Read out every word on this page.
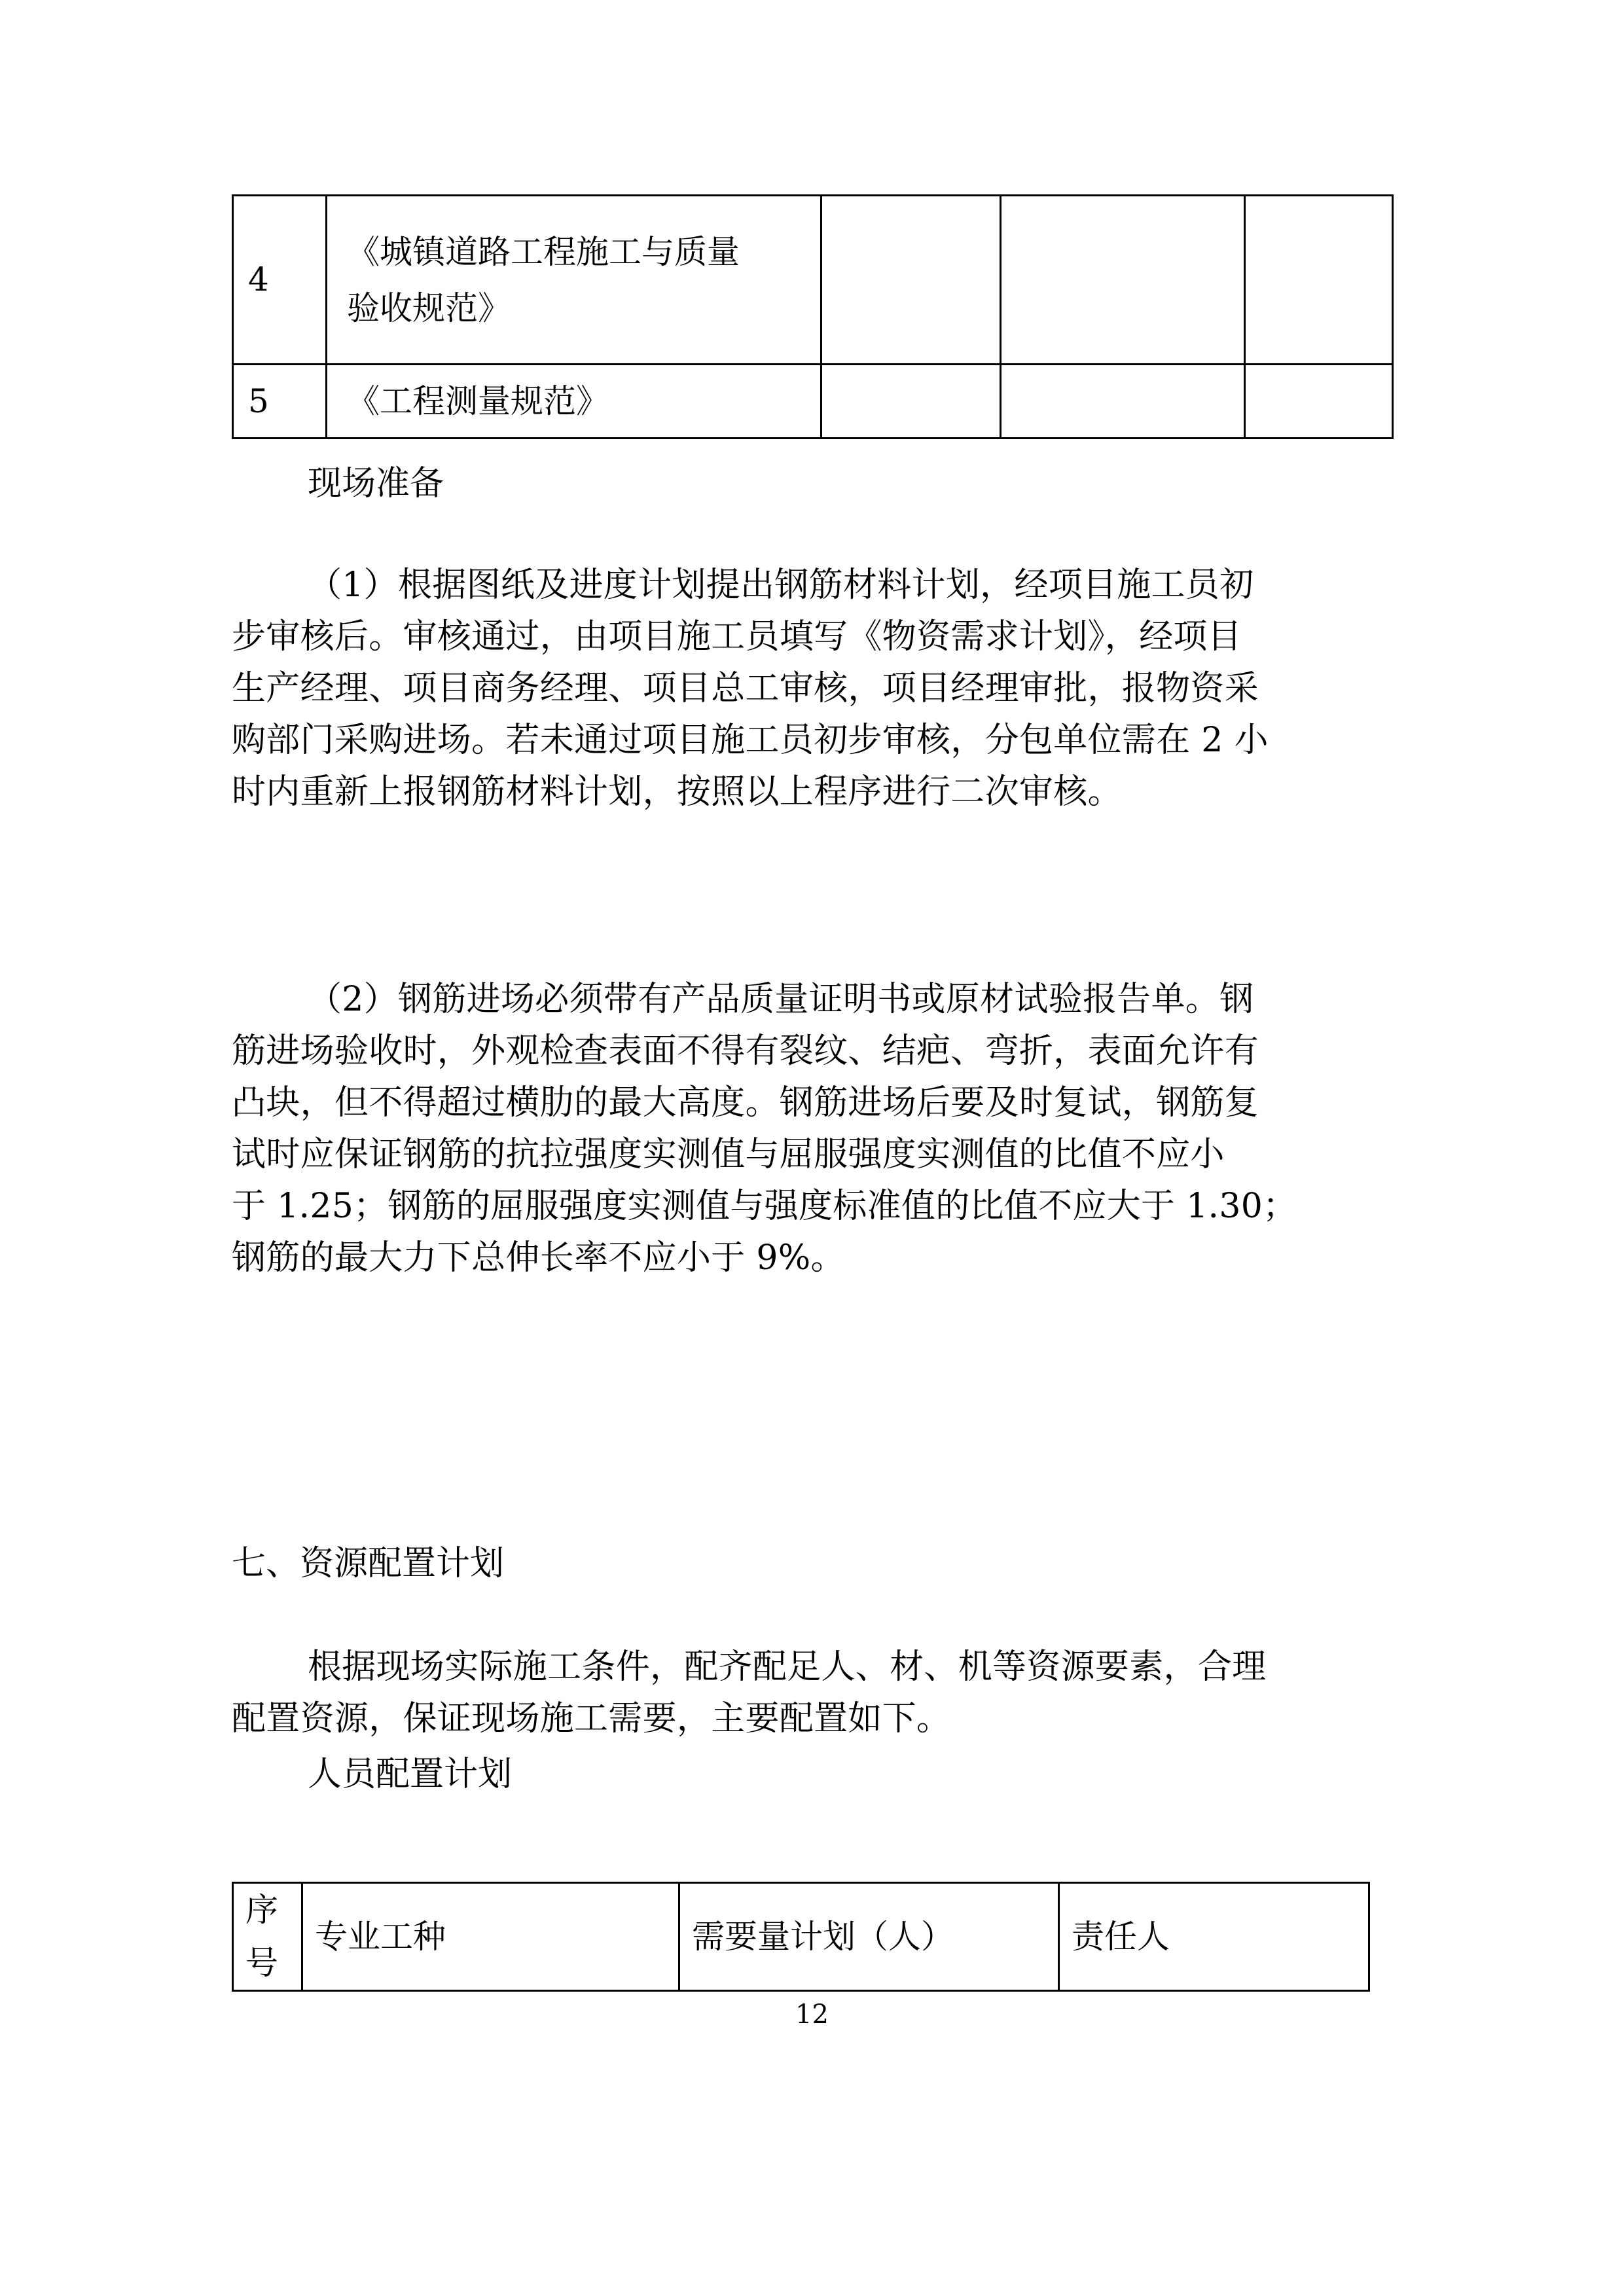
4	《城镇道路工程施工与质量
验收规范》			

5	《工程测量规范》			
现场准备
（1）根据图纸及进度计划提出钢筋材料计划，经项目施工员初
步审核后。审核通过，由项目施工员填写《物资需求计划》，经项目
生产经理、项目商务经理、项目总工审核，项目经理审批，报物资采
购部门采购进场。若未通过项目施工员初步审核，分包单位需在 2 小
时内重新上报钢筋材料计划，按照以上程序进行二次审核。
（2）钢筋进场必须带有产品质量证明书或原材试验报告单。钢
筋进场验收时，外观检查表面不得有裂纹、结疤、弯折，表面允许有
凸块，但不得超过横肋的最大高度。钢筋进场后要及时复试，钢筋复
试时应保证钢筋的抗拉强度实测值与屈服强度实测值的比值不应小
于 1.25；钢筋的屈服强度实测值与强度标准值的比值不应大于 1.30；
钢筋的最大力下总伸长率不应小于 9%。
七、资源配置计划
根据现场实际施工条件，配齐配足人、材、机等资源要素，合理
配置资源，保证现场施工需要，主要配置如下。
人员配置计划
序号	专业工种	需要量计划（人）	责任人
12
